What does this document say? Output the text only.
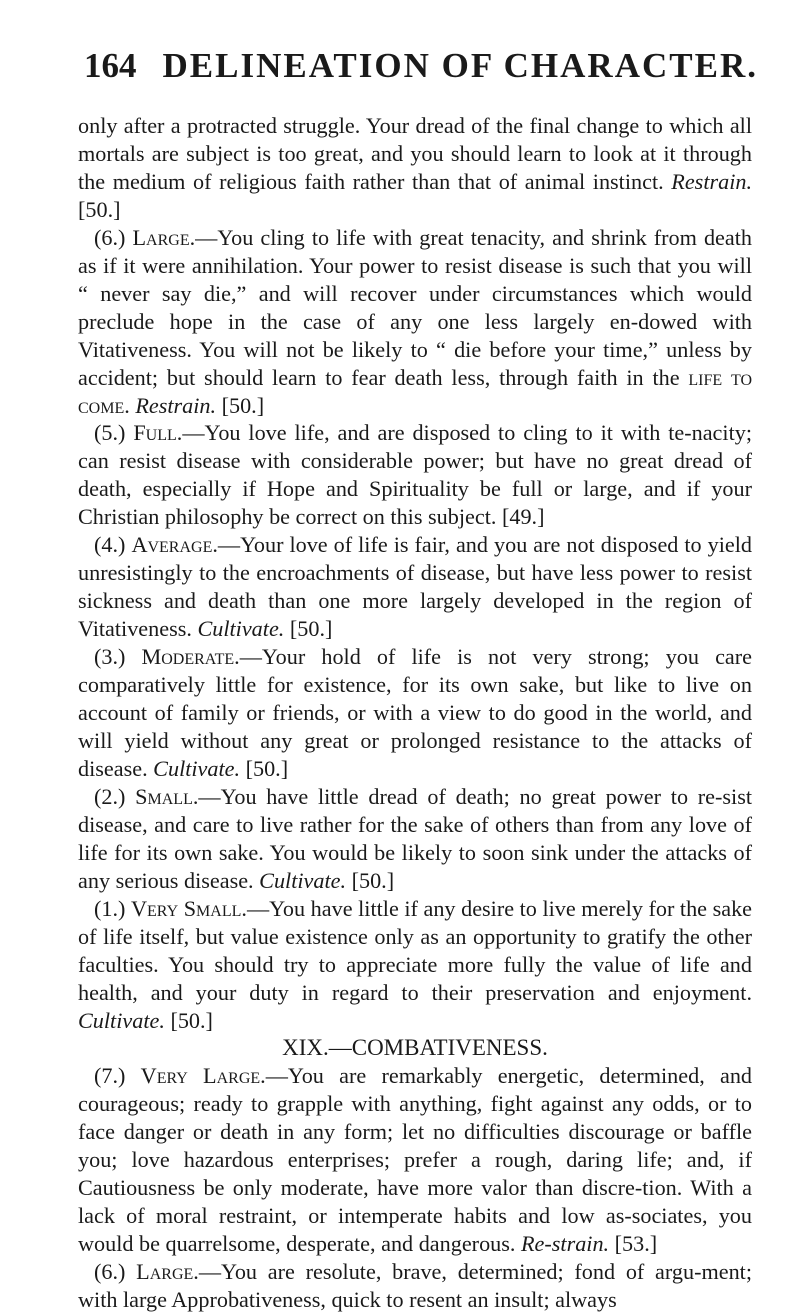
164 DELINEATION OF CHARACTER.

only after a protracted struggle. Your dread of the final change to which all mortals are subject is too great, and you should learn to look at it through the medium of religious faith rather than that of animal instinct. Restrain. [50.]

(6.) Large.—You cling to life with great tenacity, and shrink from death as if it were annihilation. Your power to resist disease is such that you will “ never say die,” and will recover under circumstances which would preclude hope in the case of any one less largely en-dowed with Vitativeness. You will not be likely to “ die before your time,” unless by accident; but should learn to fear death less, through faith in the life to come. Restrain. [50.]

(5.) Full.—You love life, and are disposed to cling to it with te-nacity; can resist disease with considerable power; but have no great dread of death, especially if Hope and Spirituality be full or large, and if your Christian philosophy be correct on this subject. [49.]

(4.) Average.—Your love of life is fair, and you are not disposed to yield unresistingly to the encroachments of disease, but have less power to resist sickness and death than one more largely developed in the region of Vitativeness. Cultivate. [50.]

(3.) Moderate.—Your hold of life is not very strong; you care comparatively little for existence, for its own sake, but like to live on account of family or friends, or with a view to do good in the world, and will yield without any great or prolonged resistance to the attacks of disease. Cultivate. [50.]

(2.) Small.—You have little dread of death; no great power to re-sist disease, and care to live rather for the sake of others than from any love of life for its own sake. You would be likely to soon sink under the attacks of any serious disease. Cultivate. [50.]

(1.) Very Small.—You have little if any desire to live merely for the sake of life itself, but value existence only as an opportunity to gratify the other faculties. You should try to appreciate more fully the value of life and health, and your duty in regard to their preservation and enjoyment. Cultivate. [50.]

XIX.—COMBATIVENESS.

(7.) Very Large.—You are remarkably energetic, determined, and courageous; ready to grapple with anything, fight against any odds, or to face danger or death in any form; let no difficulties discourage or baffle you; love hazardous enterprises; prefer a rough, daring life; and, if Cautiousness be only moderate, have more valor than discre-tion. With a lack of moral restraint, or intemperate habits and low as-sociates, you would be quarrelsome, desperate, and dangerous. Re-strain. [53.]

(6.) Large.—You are resolute, brave, determined; fond of argu-ment; with large Approbativeness, quick to resent an insult; always
